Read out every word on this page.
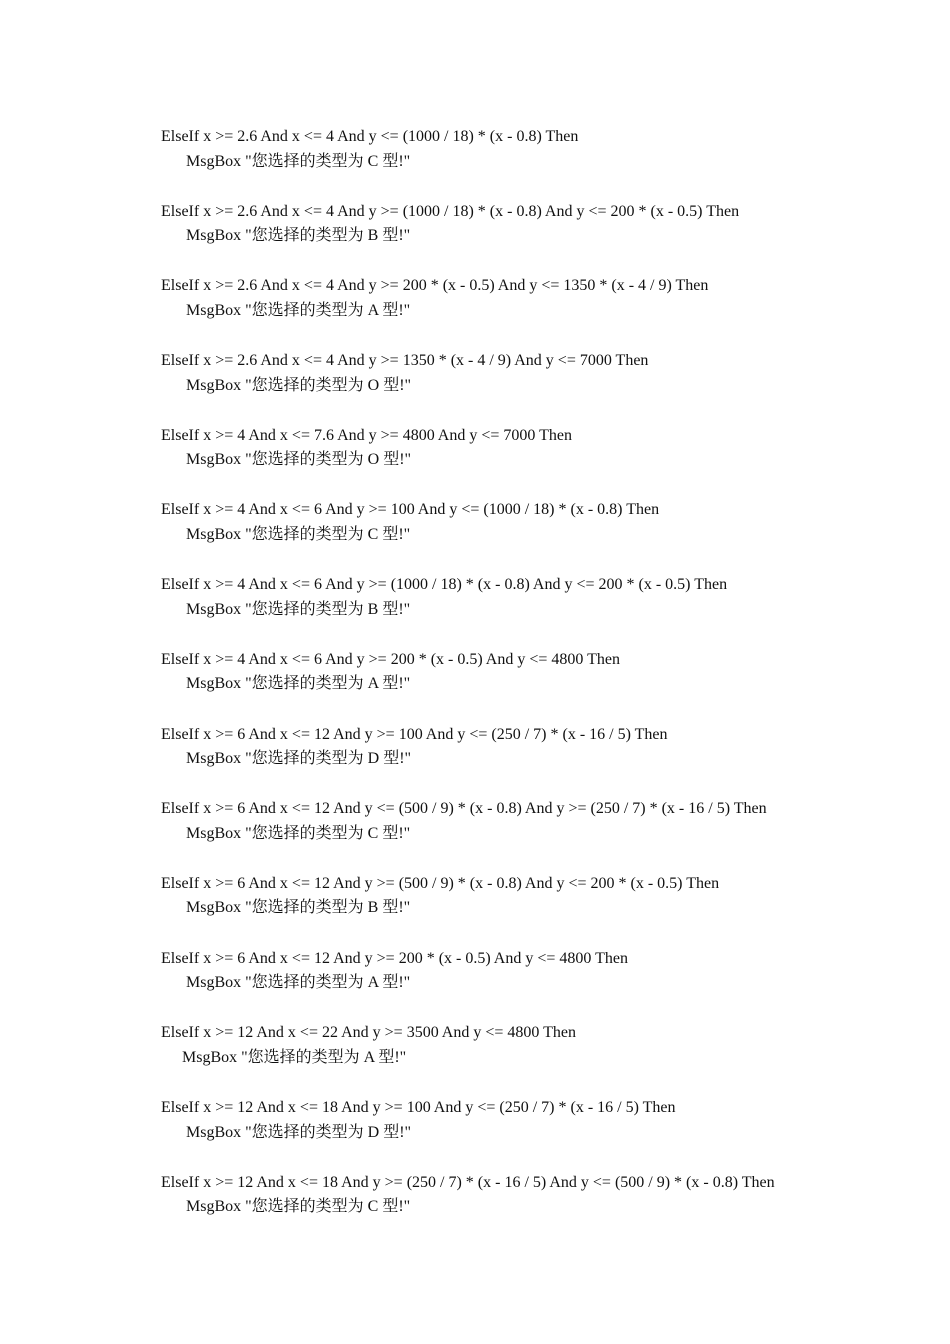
ElseIf x >= 2.6 And x <= 4 And y <= (1000 / 18) * (x - 0.8) Then
MsgBox "您选择的类型为 C 型!"
ElseIf x >= 2.6 And x <= 4 And y >= (1000 / 18) * (x - 0.8) And y <= 200 * (x - 0.5) Then
MsgBox "您选择的类型为 B 型!"
ElseIf x >= 2.6 And x <= 4 And y >= 200 * (x - 0.5) And y <= 1350 * (x - 4 / 9) Then
MsgBox "您选择的类型为 A 型!"
ElseIf x >= 2.6 And x <= 4 And y >= 1350 * (x - 4 / 9) And y <= 7000 Then
MsgBox "您选择的类型为 O 型!"
ElseIf x >= 4 And x <= 7.6 And y >= 4800 And y <= 7000 Then
MsgBox "您选择的类型为 O 型!"
ElseIf x >= 4 And x <= 6 And y >= 100 And y <= (1000 / 18) * (x - 0.8) Then
MsgBox "您选择的类型为 C 型!"
ElseIf x >= 4 And x <= 6 And y >= (1000 / 18) * (x - 0.8) And y <= 200 * (x - 0.5) Then
MsgBox "您选择的类型为 B 型!"
ElseIf x >= 4 And x <= 6 And y >= 200 * (x - 0.5) And y <= 4800 Then
MsgBox "您选择的类型为 A 型!"
ElseIf x >= 6 And x <= 12 And y >= 100 And y <= (250 / 7) * (x - 16 / 5) Then
MsgBox "您选择的类型为 D 型!"
ElseIf x >= 6 And x <= 12 And y <= (500 / 9) * (x - 0.8) And y >= (250 / 7) * (x - 16 / 5) Then
MsgBox "您选择的类型为 C 型!"
ElseIf x >= 6 And x <= 12 And y >= (500 / 9) * (x - 0.8) And y <= 200 * (x - 0.5) Then
MsgBox "您选择的类型为 B 型!"
ElseIf x >= 6 And x <= 12 And y >= 200 * (x - 0.5) And y <= 4800 Then
MsgBox "您选择的类型为 A 型!"
ElseIf x >= 12 And x <= 22 And y >= 3500 And y <= 4800 Then
MsgBox "您选择的类型为 A 型!"
ElseIf x >= 12 And x <= 18 And y >= 100 And y <= (250 / 7) * (x - 16 / 5) Then
MsgBox "您选择的类型为 D 型!"
ElseIf x >= 12 And x <= 18 And y >= (250 / 7) * (x - 16 / 5) And y <= (500 / 9) * (x - 0.8) Then
MsgBox "您选择的类型为 C 型!"
